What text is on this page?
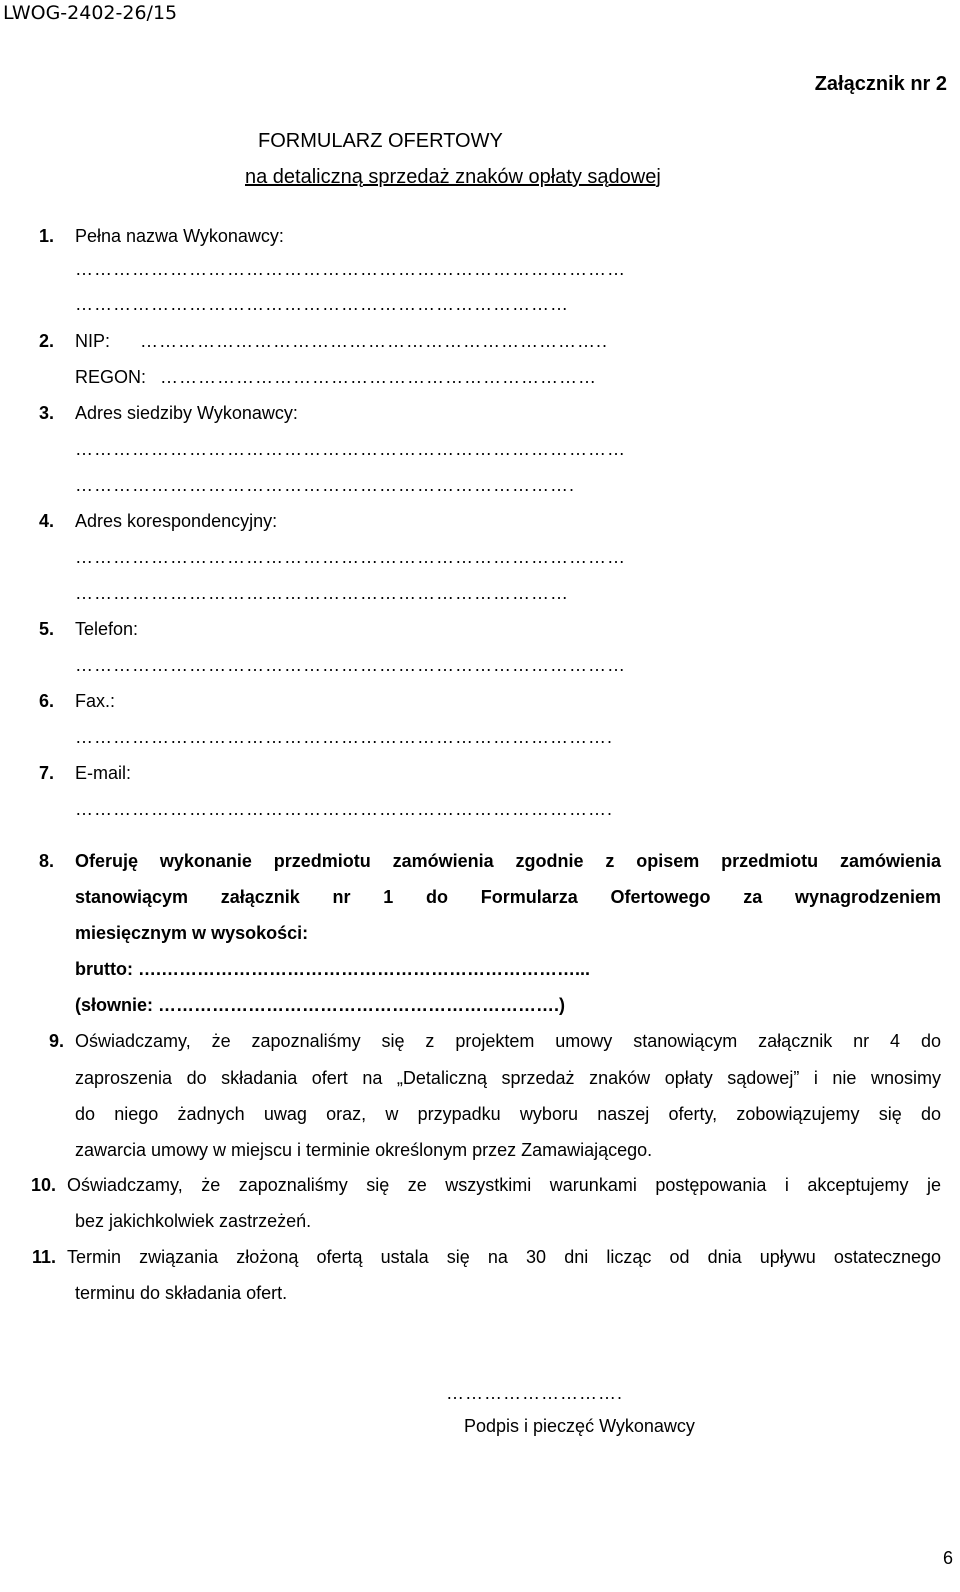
LWOG-2402-26/15
Załącznik nr 2
FORMULARZ OFERTOWY
na detaliczną sprzedaż znaków opłaty sądowej
1. Pełna nazwa Wykonawcy:
……………………………………………………………………………
……………………………………………………………………
2. NIP: ………………………………………………………………..
REGON: ……………………………………………………………
3. Adres siedziby Wykonawcy:
……………………………………………………………………………
…………………………………………………………………….
4. Adres korespondencyjny:
……………………………………………………………………………
……………………………………………………………………
5. Telefon:
……………………………………………………………………………
6. Fax.:
………………………………………………………………………….
7. E-mail:
………………………………………………………………………….
8. Oferuję wykonanie przedmiotu zamówienia zgodnie z opisem przedmiotu zamówienia
stanowiącym załącznik nr 1 do Formularza Ofertowego za wynagrodzeniem
miesięcznym w wysokości:
brutto: ….……………………………………………………………...
(słownie: ………………………………………………………….)
9. Oświadczamy, że zapoznaliśmy się z projektem umowy stanowiącym załącznik nr 4 do
zaproszenia do składania ofert na „Detaliczną sprzedaż znaków opłaty sądowej” i nie wnosimy
do niego żadnych uwag oraz, w przypadku wyboru naszej oferty, zobowiązujemy się do
zawarcia umowy w miejscu i terminie określonym przez Zamawiającego.
10. Oświadczamy, że zapoznaliśmy się ze wszystkimi warunkami postępowania i akceptujemy je
bez jakichkolwiek zastrzeżeń.
11. Termin związania złożoną ofertą ustala się na 30 dni licząc od dnia upływu ostatecznego
terminu do składania ofert.
……………………….
Podpis i pieczęć Wykonawcy
6
